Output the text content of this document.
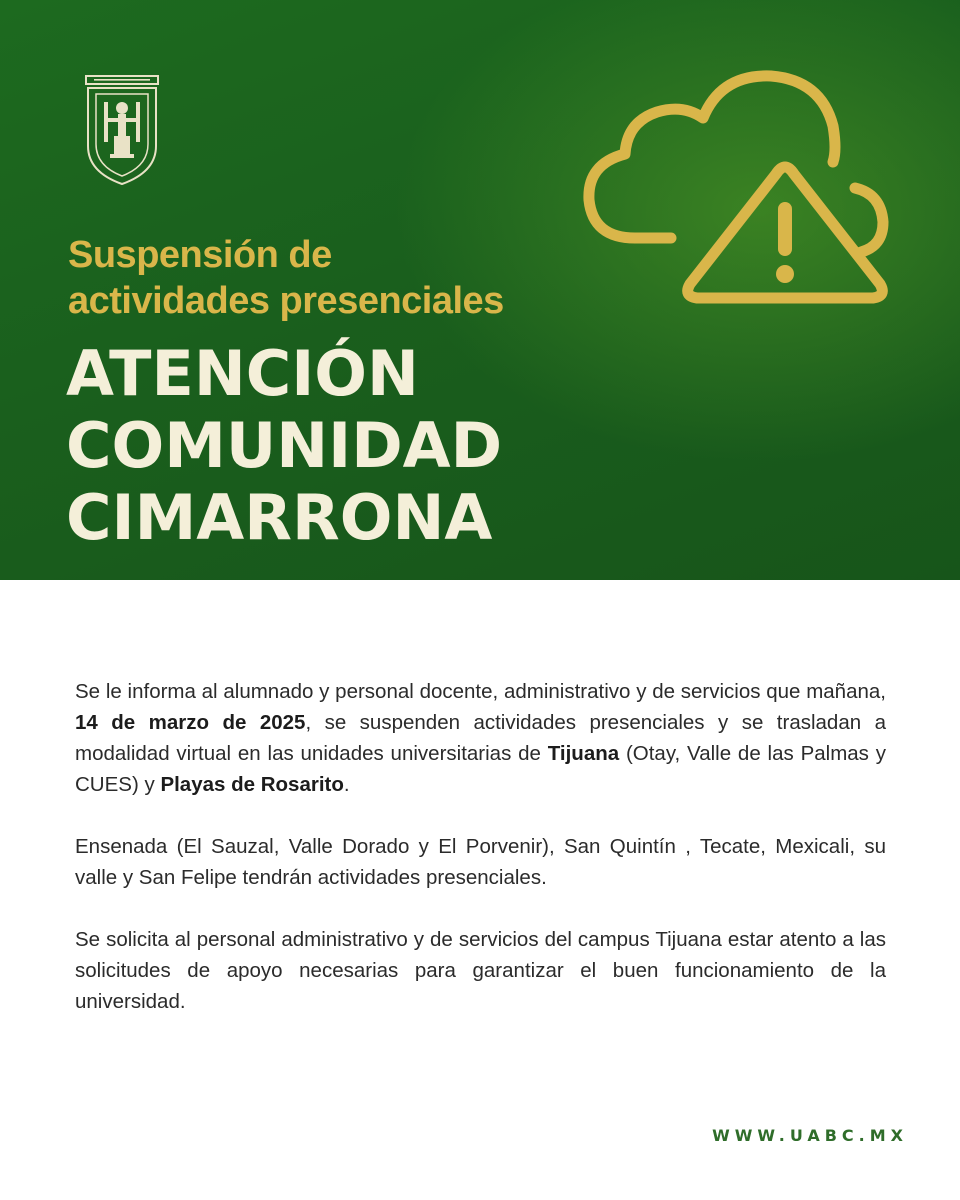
Suspensión de
actividades presenciales
ATENCIÓN
COMUNIDAD
CIMARRONA

Se le informa al alumnado y personal docente, administrativo y de servicios que mañana, 14 de marzo de 2025, se suspenden actividades presenciales y se trasladan a modalidad virtual en las unidades universitarias de Tijuana (Otay, Valle de las Palmas y CUES) y Playas de Rosarito.

Ensenada (El Sauzal, Valle Dorado y El Porvenir), San Quintín , Tecate, Mexicali, su valle y San Felipe tendrán actividades presenciales.

Se solicita al personal administrativo y de servicios del campus Tijuana estar atento a las solicitudes de apoyo necesarias para garantizar el buen funcionamiento de la universidad.

WWW.UABC.MX
